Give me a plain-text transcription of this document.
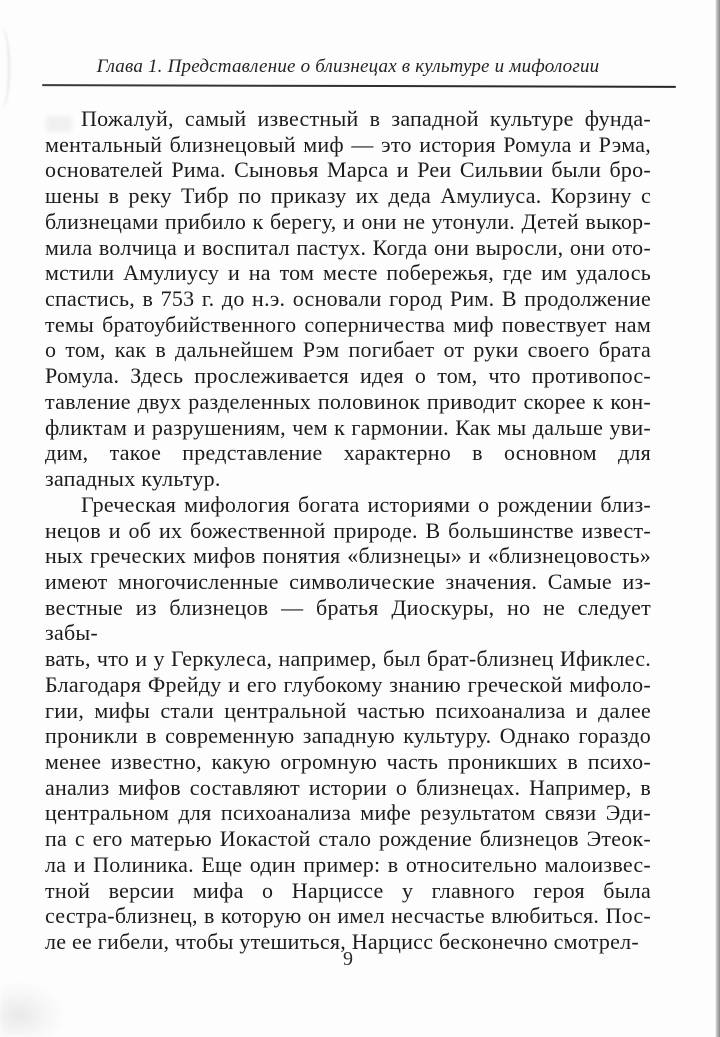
Глава 1. Представление о близнецах в культуре и мифологии
Пожалуй, самый известный в западной культуре фунда-
ментальный близнецовый миф — это история Ромула и Рэма,
основателей Рима. Сыновья Марса и Реи Сильвии были бро-
шены в реку Тибр по приказу их деда Амулиуса. Корзину с
близнецами прибило к берегу, и они не утонули. Детей выкор-
мила волчица и воспитал пастух. Когда они выросли, они ото-
мстили Амулиусу и на том месте побережья, где им удалось
спастись, в 753 г. до н.э. основали город Рим. В продолжение
темы братоубийственного соперничества миф повествует нам
о том, как в дальнейшем Рэм погибает от руки своего брата
Ромула. Здесь прослеживается идея о том, что противопос-
тавление двух разделенных половинок приводит скорее к кон-
фликтам и разрушениям, чем к гармонии. Как мы дальше уви-
дим, такое представление характерно в основном для
западных культур.
Греческая мифология богата историями о рождении близ-
нецов и об их божественной природе. В большинстве извест-
ных греческих мифов понятия «близнецы» и «близнецовость»
имеют многочисленные символические значения. Самые из-
вестные из близнецов — братья Диоскуры, но не следует забы-
вать, что и у Геркулеса, например, был брат-близнец Ификлес.
Благодаря Фрейду и его глубокому знанию греческой мифоло-
гии, мифы стали центральной частью психоанализа и далее
проникли в современную западную культуру. Однако гораздо
менее известно, какую огромную часть проникших в психо-
анализ мифов составляют истории о близнецах. Например, в
центральном для психоанализа мифе результатом связи Эди-
па с его матерью Иокастой стало рождение близнецов Этеок-
ла и Полиника. Еще один пример: в относительно малоизвес-
тной версии мифа о Нарциссе у главного героя была
сестра-близнец, в которую он имел несчастье влюбиться. Пос-
ле ее гибели, чтобы утешиться, Нарцисс бесконечно смотрел-
9
